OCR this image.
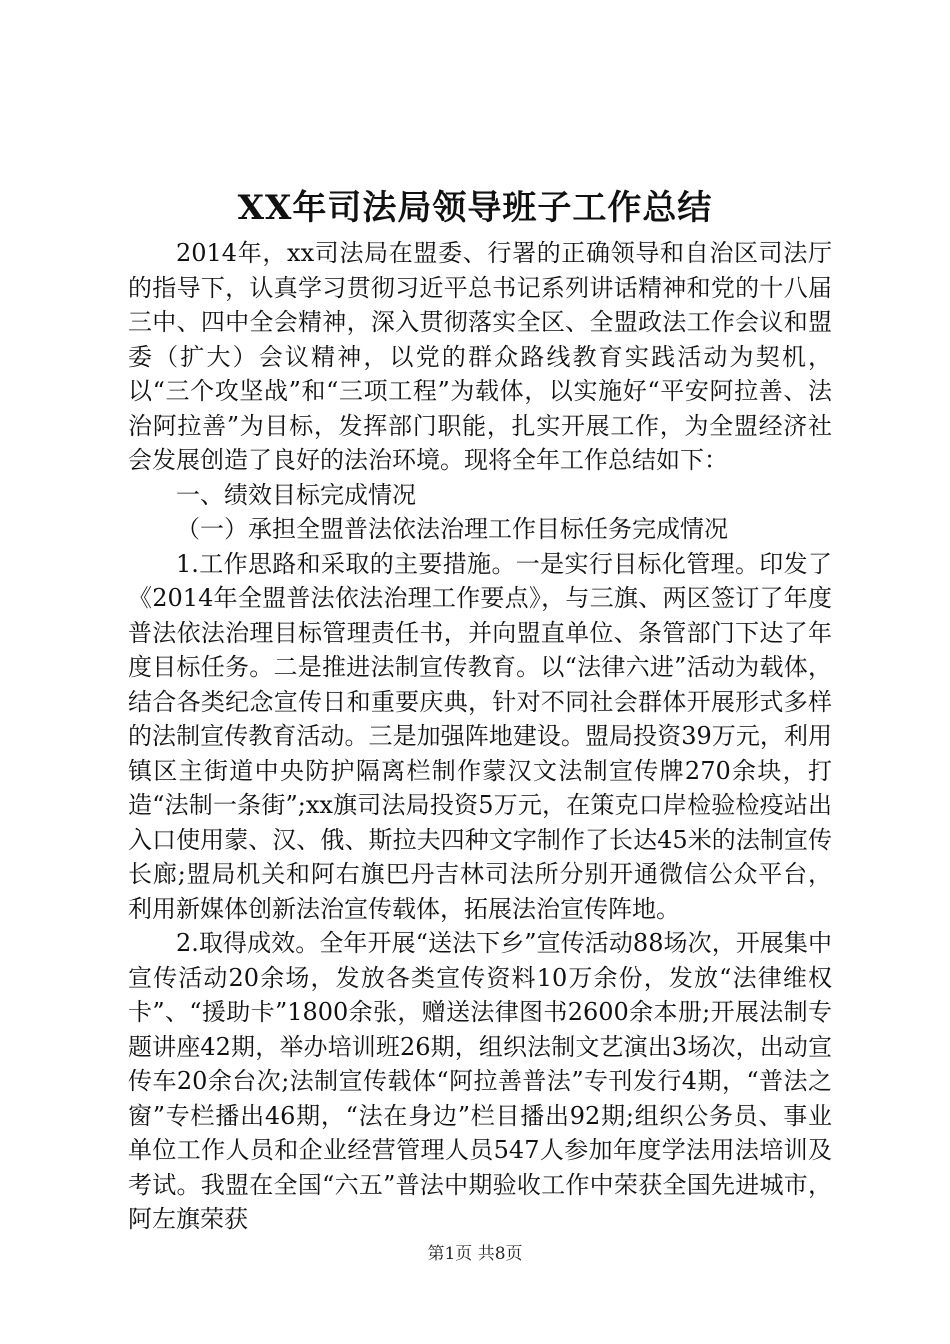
XX年司法局领导班子工作总结

2014年，xx司法局在盟委、行署的正确领导和自治区司法厅的指导下，认真学习贯彻习近平总书记系列讲话精神和党的十八届三中、四中全会精神，深入贯彻落实全区、全盟政法工作会议和盟委（扩大）会议精神，以党的群众路线教育实践活动为契机，以“三个攻坚战”和“三项工程”为载体，以实施好“平安阿拉善、法治阿拉善”为目标，发挥部门职能，扎实开展工作，为全盟经济社会发展创造了良好的法治环境。现将全年工作总结如下：

一、绩效目标完成情况

（一）承担全盟普法依法治理工作目标任务完成情况

1.工作思路和采取的主要措施。一是实行目标化管理。印发了《2014年全盟普法依法治理工作要点》，与三旗、两区签订了年度普法依法治理目标管理责任书，并向盟直单位、条管部门下达了年度目标任务。二是推进法制宣传教育。以“法律六进”活动为载体，结合各类纪念宣传日和重要庆典，针对不同社会群体开展形式多样的法制宣传教育活动。三是加强阵地建设。盟局投资39万元，利用镇区主街道中央防护隔离栏制作蒙汉文法制宣传牌270余块，打造“法制一条街”;xx旗司法局投资5万元，在策克口岸检验检疫站出入口使用蒙、汉、俄、斯拉夫四种文字制作了长达45米的法制宣传长廊;盟局机关和阿右旗巴丹吉林司法所分别开通微信公众平台，利用新媒体创新法治宣传载体，拓展法治宣传阵地。

2.取得成效。全年开展“送法下乡”宣传活动88场次，开展集中宣传活动20余场，发放各类宣传资料10万余份，发放“法律维权卡”、“援助卡”1800余张，赠送法律图书2600余本册;开展法制专题讲座42期，举办培训班26期，组织法制文艺演出3场次，出动宣传车20余台次;法制宣传载体“阿拉善普法”专刊发行4期，“普法之窗”专栏播出46期，“法在身边”栏目播出92期;组织公务员、事业单位工作人员和企业经营管理人员547人参加年度学法用法培训及考试。我盟在全国“六五”普法中期验收工作中荣获全国先进城市，阿左旗荣获

第1页 共8页
